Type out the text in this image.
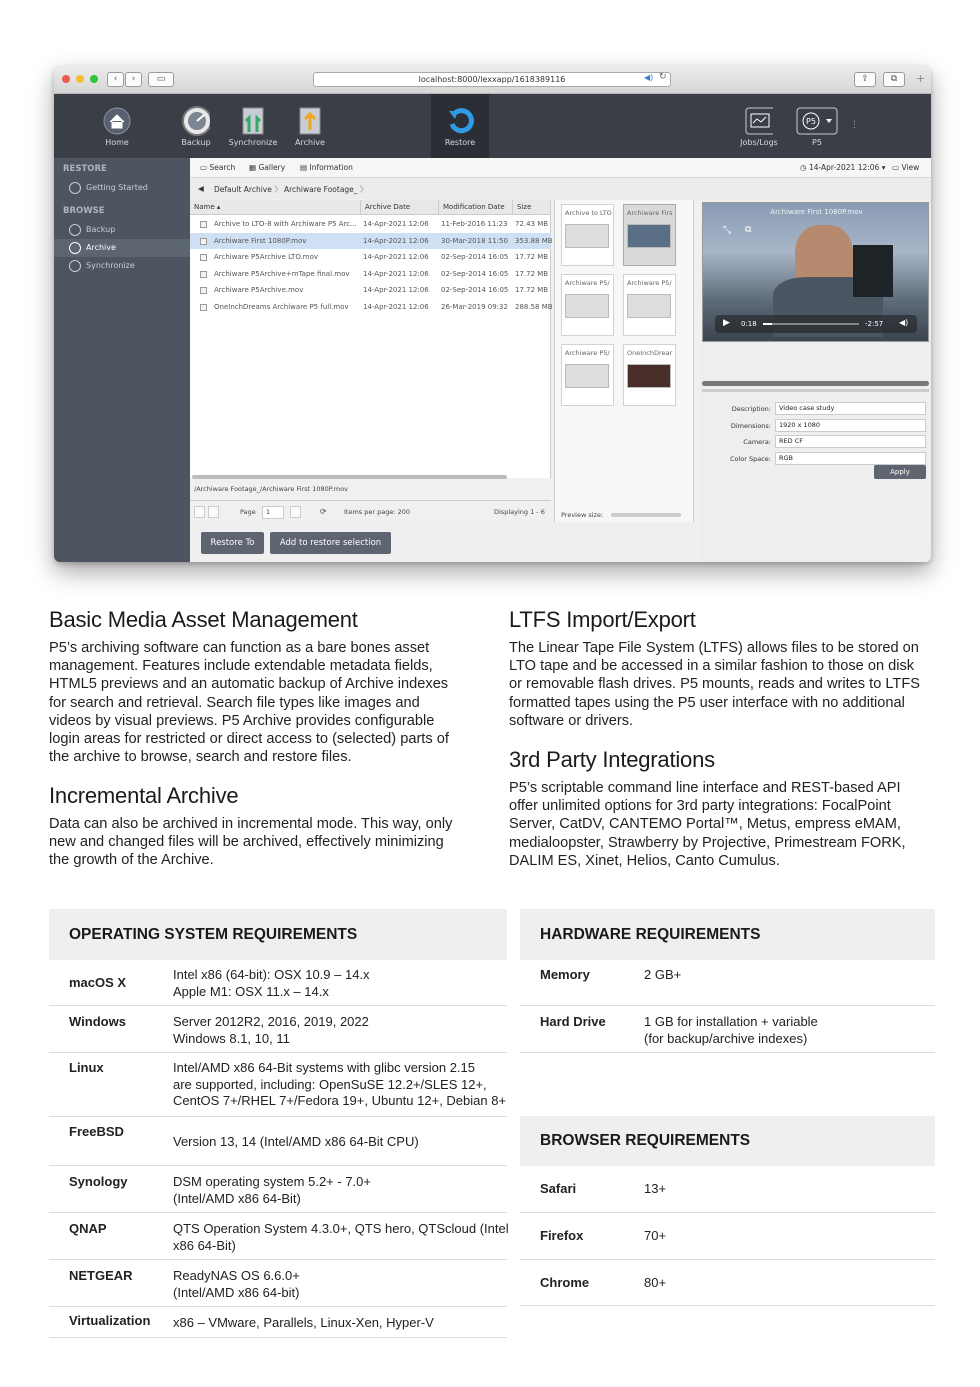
‹	›	▭	localhost:8000/lexxapp/1618389116	◀) ↻	⇪	⧉	+
Home	Backup	Synchronize	Archive	Restore	Jobs/Logs
P5
P5
⋮
RESTORE
Getting Started
BROWSE
Backup
Archive
Synchronize
▭ Search ▦ Gallery ▤ Information	◷ 14-Apr-2021 12:06 ▾ ▭ View
◀ Default Archive 〉 Archiware Footage_ 〉
Name ▴	Archive Date	Modification Date	Size
Archive to LTO-8 with Archiware P5 Arc... 14-Apr-2021 12:06	11-Feb-2016 11:23	72.43 MB
Archiware First 1080P.mov	14-Apr-2021 12:06	30-Mar-2018 11:50	353.88 MB
Archiware P5Archive LTO.mov	14-Apr-2021 12:06	02-Sep-2014 16:05 17.72 MB
Archiware P5Archive+mTape final.mov	14-Apr-2021 12:06	02-Sep-2014 16:05 17.72 MB
Archiware P5Archive.mov	14-Apr-2021 12:06	02-Sep-2014 16:05 17.72 MB
OneInchDreams Archiware P5 full.mov	14-Apr-2021 12:06	26-Mar-2019 09:32	288.58 MB
/Archiware Footage_/Archiware First 1080P.mov
Page	1	⟳	Items per page: 200	Displaying 1 - 6
Archive to LTO Archiware Firs
Archiware P5/	Archiware P5/
Archiware P5/	OneInchDrear
Preview size:
Archiware First 1080P.mov
⤡ ⧉
▶ 0:18	-2:57 ◀)
Description:	Video case study
Dimensions:	1920 x 1080
Camera:	RED CF
Color Space:	RGB
Apply
Restore To	Add to restore selection
Basic Media Asset Management
P5’s archiving software can function as a bare bones asset
management. Features include extendable metadata fields,
HTML5 previews and an automatic backup of Archive indexes
for search and retrieval. Search file types like images and
videos by visual previews. P5 Archive provides configurable
login areas for restricted or direct access to (selected) parts of
the archive to browse, search and restore files.
Incremental Archive
Data can also be archived in incremental mode. This way, only
new and changed files will be archived, effectively minimizing
the growth of the Archive.
LTFS Import/Export
The Linear Tape File System (LTFS) allows files to be stored on
LTO tape and be accessed in a similar fashion to those on disk
or removable flash drives. P5 mounts, reads and writes to LTFS
formatted tapes using the P5 user interface with no additional
software or drivers.
3rd Party Integrations
P5’s scriptable command line interface and REST-based API
offer unlimited options for 3rd party integrations: FocalPoint
Server, CatDV, CANTEMO Portal™, Metus, empress eMAM,
medialoopster, Strawberry by Projective, Primestream FORK,
DALIM ES, Xinet, Helios, Canto Cumulus.
OPERATING SYSTEM REQUIREMENTS
macOS X
Intel x86 (64-bit): OSX 10.9 – 14.x
Apple M1: OSX 11.x – 14.x
Windows	Server 2012R2, 2016, 2019, 2022
Windows 8.1, 10, 11
Linux	Intel/AMD x86 64-Bit systems with glibc version 2.15
are supported, including: OpenSuSE 12.2+/SLES 12+,
CentOS 7+/RHEL 7+/Fedora 19+, Ubuntu 12+, Debian 8+
FreeBSD
Version 13, 14 (Intel/AMD x86 64-Bit CPU)
Synology	DSM operating system 5.2+ - 7.0+
(Intel/AMD x86 64-Bit)
QNAP	QTS Operation System 4.3.0+, QTS hero, QTScloud (Intel
x86 64-Bit)
NETGEAR	ReadyNAS OS 6.6.0+
(Intel/AMD x86 64-bit)
Virtualization x86 – VMware, Parallels, Linux-Xen, Hyper-V
HARDWARE REQUIREMENTS
Memory	2 GB+
Hard Drive	1 GB for installation + variable
(for backup/archive indexes)
BROWSER REQUIREMENTS
Safari	13+
Firefox	70+
Chrome	80+
